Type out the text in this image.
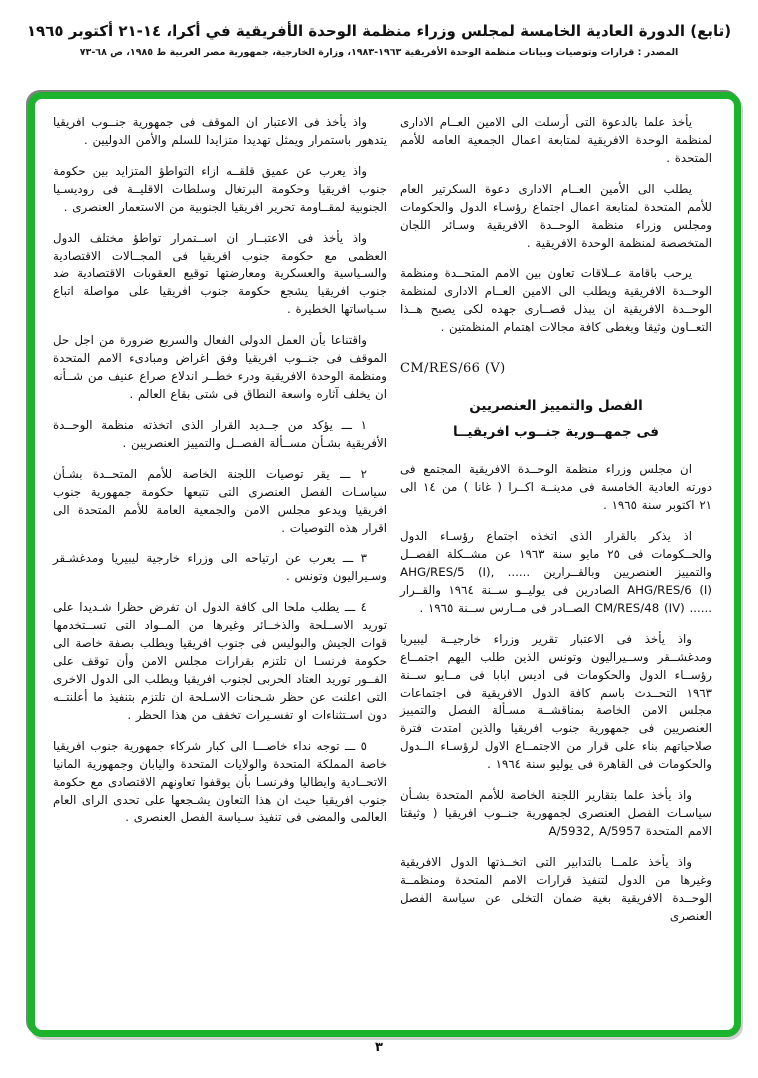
(تابع) الدورة العادية الخامسة لمجلس وزراء منظمة الوحدة الأفريقية في أكرا، ١٤-٢١ أكتوبر ١٩٦٥
المصدر : قرارات وتوصيات وبيانات منظمة الوحدة الأفريقية ١٩٦٣-١٩٨٣، وزارة الخارجية، جمهورية مصر العربية ط ١٩٨٥، ص ٦٨-٧٣

يأخذ علما بالدعوة التى أرسلت الى الامين العــام الادارى لمنظمة الوحدة الافريقية لمتابعة اعمال الجمعية العامه للأمم المتحدة .

يطلب الى الأمين العــام الادارى دعوة السكرتير العام للأمم المتحدة لمتابعة اعمال اجتماع رؤسـاء الدول والحكومات ومجلس وزراء منظمة الوحــدة الافريقية وسـائر اللجان المتخصصة لمنظمة الوحدة الافريقية .

يرحب باقامة عــلاقات تعاون بين الامم المتحــدة ومنظمة الوحــدة الافريقية ويطلب الى الامين العــام الادارى لمنظمة الوحــدة الافريقية ان يبذل قصــارى جهده لكى يصبح هــذا التعــاون وثيقا ويغطى كافة مجالات اهتمام المنظمتين .

CM/RES/66 (V)
الفصل والتمييز العنصريين
فى جمهــورية جنــوب افريقيــا

ان مجلس وزراء منظمة الوحــدة الافريقية المجتمع فى دورته العادية الخامسة فى مدينــة اكــرا ( غانا ) من ١٤ الى ٢١ اكتوبر سنة ١٩٦٥ .

اذ يذكر بالقرار الذى اتخذه اجتماع رؤسـاء الدول والحــكومات فى ٢٥ مايو سنة ١٩٦٣ عن مشــكلة الفصــل والتمييز العنصريين وبالقــرارين ...... AHG/RES/5 (I), AHG/RES/6 (I) الصادرين فى يوليــو ســنة ١٩٦٤ والقــرار ...... CM/RES/48 (IV) الصــادر فى مــارس ســنة ١٩٦٥ .

واذ يأخذ فى الاعتبار تقرير وزراء خارجيــة ليبيريا ومدغشــقر وســيراليون وتونس الذين طلب اليهم اجتمــاع رؤســاء الدول والحكومات فى اديس ابابا فى مــايو ســنة ١٩٦٣ التحــدث باسم كافة الدول الافريقية فى اجتماعات مجلس الامن الخاصة بمناقشــة مسـألة الفصل والتمييز العنصريين فى جمهورية جنوب افريقيا والذين امتدت فترة صلاحياتهم بناء على قرار من الاجتمــاع الاول لرؤسـاء الــدول والحكومات فى القاهرة فى يوليو سنة ١٩٦٤ .

واذ يأخذ علما بتقارير اللجنة الخاصة للأمم المتحدة بشـأن سياسـات الفصل العنصرى لجمهورية جنــوب افريقيا ( وثيقتا الامم المتحدة A/5932, A/5957

واذ يأخذ علمــا بالتدابير التى اتخــذتها الدول الافريقية وغيرها من الدول لتنفيذ قرارات الامم المتحدة ومنظمــة الوحــدة الافريقية بغية ضمان التخلى عن سياسة الفصل العنصرى

واذ يأخذ فى الاعتبار ان الموقف فى جمهورية جنــوب افريقيا يتدهور باستمرار ويمثل تهديدا متزايدا للسلم والأمن الدوليين .

واذ يعرب عن عميق قلقــه ازاء التواطؤ المتزايد بين حكومة جنوب افريقيا وحكومة البرتغال وسلطات الاقليــة فى روديسـيا الجنوبية لمقــاومة تحرير افريقيا الجنوبية من الاستعمار العنصرى .

واذ يأخذ فى الاعتبــار ان اســتمرار تواطؤ مختلف الدول العظمى مع حكومة جنوب افريقيا فى المجــالات الاقتصادية والسـياسية والعسكرية ومعارضتها توقيع العقوبات الاقتصادية ضد جنوب افريقيا يشجع حكومة جنوب افريقيا على مواصلة اتباع سـياساتها الخطيرة .

واقتناعا بأن العمل الدولى الفعال والسريع ضرورة من اجل حل الموقف فى جنــوب افريقيا وفق اغراض ومبادىء الامم المتحدة ومنظمة الوحدة الافريقية ودرء خطــر اندلاع صراع عنيف من شــأنه ان يخلف آثاره واسعة النطاق فى شتى بقاع العالم .

١ ـــ يؤكد من جــديد القرار الذى اتخذته منظمة الوحــدة الأفريقية بشـأن مســألة الفصــل والتمييز العنصريين .

٢ ـــ يقر توصيات اللجنة الخاصة للأمم المتحــدة بشـأن سياسـات الفصل العنصرى التى تتبعها حكومة جمهورية جنوب افريقيا ويدعو مجلس الامن والجمعية العامة للأمم المتحدة الى اقرار هذه التوصيات .

٣ ـــ يعرب عن ارتياحه الى وزراء خارجية ليبيريا ومدغشـقر وسـيراليون وتونس .

٤ ـــ يطلب ملحا الى كافة الدول ان تفرض حظرا شـديدا على توريد الاســلحة والذخــائر وغيرها من المــواد التى تســتخدمها قوات الجيش والبوليس فى جنوب افريقيا ويطلب بصفة خاصة الى حكومة فرنسـا ان تلتزم بقرارات مجلس الامن وأن توقف على الفــور توريد العتاد الحربى لجنوب افريقيا ويطلب الى الدول الاخرى التى اعلنت عن حظر شـحنات الاسـلحة ان تلتزم بتنفيذ ما أعلنتــه دون اسـتثناءات او تفسـيرات تخفف من هذا الحظر .

٥ ـــ توجه نداء خاصـــا الى كبار شركاء جمهورية جنوب افريقيا خاصة المملكة المتحدة والولايات المتحدة واليابان وجمهورية المانيا الاتحــادية وايطاليا وفرنسـا بأن يوقفوا تعاونهم الاقتصادى مع حكومة جنوب افريقيا حيث ان هذا التعاون يشـجعها على تحدى الراى العام العالمى والمضى فى تنفيذ سـياسة الفصل العنصرى .

٣
